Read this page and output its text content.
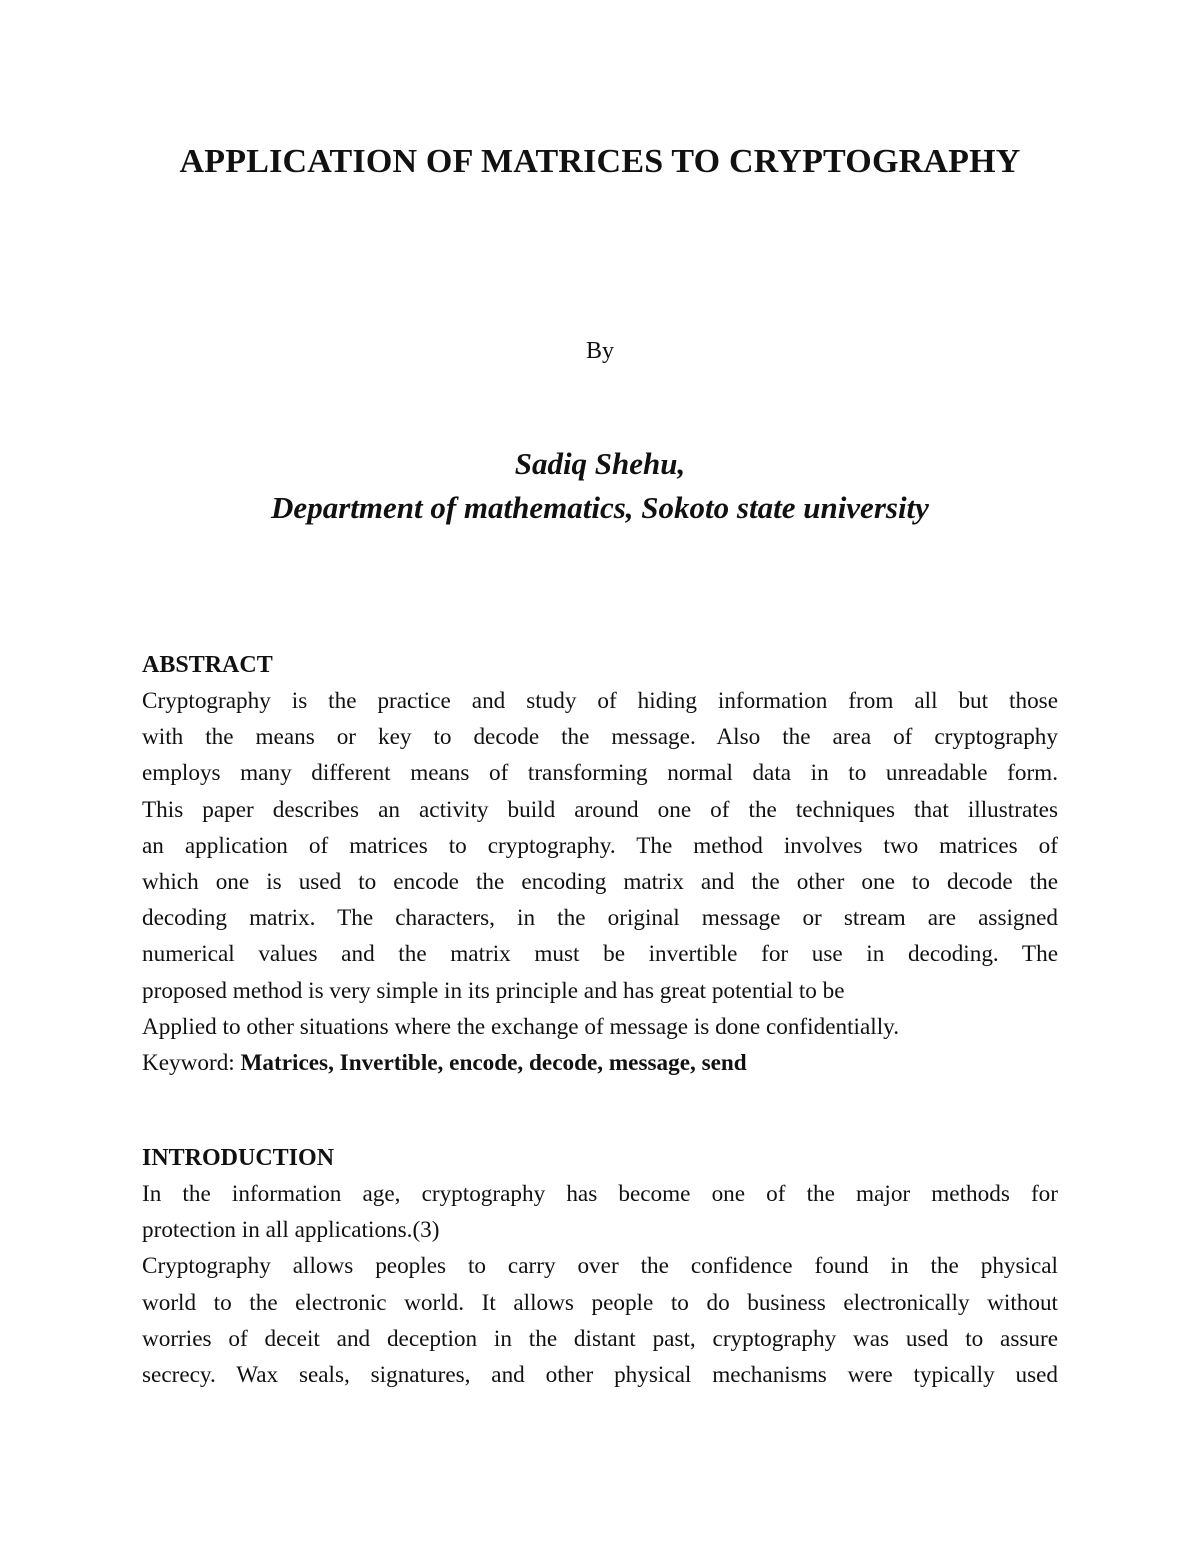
APPLICATION OF MATRICES TO CRYPTOGRAPHY
By
Sadiq Shehu,
Department of mathematics, Sokoto state university
ABSTRACT
Cryptography is the practice and study of hiding information from all but those
with the means or key to decode the message. Also the area of cryptography
employs many different means of transforming normal data in to unreadable form.
This paper describes an activity build around one of the techniques that illustrates
an application of matrices to cryptography. The method involves two matrices of
which one is used to encode the encoding matrix and the other one to decode the
decoding matrix. The characters, in the original message or stream are assigned
numerical values and the matrix must be invertible for use in decoding. The
proposed method is very simple in its principle and has great potential to be
Applied to other situations where the exchange of message is done confidentially.
Keyword: Matrices, Invertible, encode, decode, message, send
INTRODUCTION
In the information age, cryptography has become one of the major methods for
protection in all applications.(3)
Cryptography allows peoples to carry over the confidence found in the physical
world to the electronic world. It allows people to do business electronically without
worries of deceit and deception in the distant past, cryptography was used to assure
secrecy. Wax seals, signatures, and other physical mechanisms were typically used
